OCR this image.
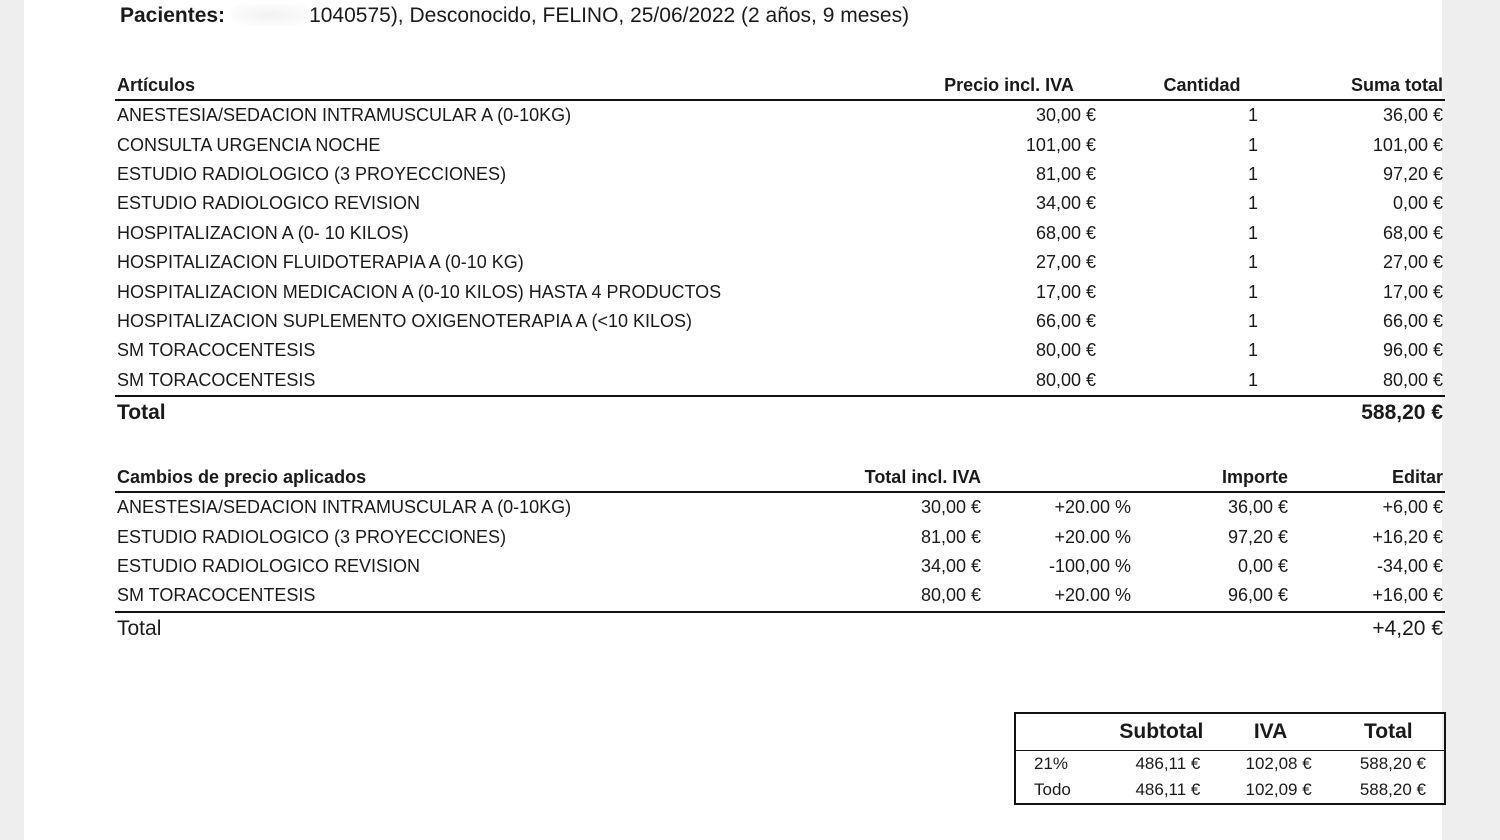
Pacientes:	1040575), Desconocido, FELINO, 25/06/2022 (2 años, 9 meses)
Artículos	Precio incl. IVA	Cantidad	Suma total
ANESTESIA/SEDACION INTRAMUSCULAR A (0-10KG)	30,00 €	1	36,00 €
CONSULTA URGENCIA NOCHE	101,00 €	1	101,00 €
ESTUDIO RADIOLOGICO (3 PROYECCIONES)	81,00 €	1	97,20 €
ESTUDIO RADIOLOGICO REVISION	34,00 €	1	0,00 €
HOSPITALIZACION A (0- 10 KILOS)	68,00 €	1	68,00 €
HOSPITALIZACION FLUIDOTERAPIA A (0-10 KG)	27,00 €	1	27,00 €
HOSPITALIZACION MEDICACION A (0-10 KILOS) HASTA 4 PRODUCTOS	17,00 €	1	17,00 €
HOSPITALIZACION SUPLEMENTO OXIGENOTERAPIA A (<10 KILOS)	66,00 €	1	66,00 €
SM TORACOCENTESIS	80,00 €	1	96,00 €
SM TORACOCENTESIS	80,00 €	1	80,00 €
Total			588,20 €
Cambios de precio aplicados	Total incl. IVA		Importe	Editar
ANESTESIA/SEDACION INTRAMUSCULAR A (0-10KG)	30,00 €	+20.00 %	36,00 €	+6,00 €
ESTUDIO RADIOLOGICO (3 PROYECCIONES)	81,00 €	+20.00 %	97,20 €	+16,20 €
ESTUDIO RADIOLOGICO REVISION	34,00 €	-100,00 %	0,00 €	-34,00 €
SM TORACOCENTESIS	80,00 €	+20.00 %	96,00 €	+16,00 €
Total				+4,20 €
	Subtotal	IVA	Total
21%	486,11 €	102,08 €	588,20 €
Todo	486,11 €	102,09 €	588,20 €
